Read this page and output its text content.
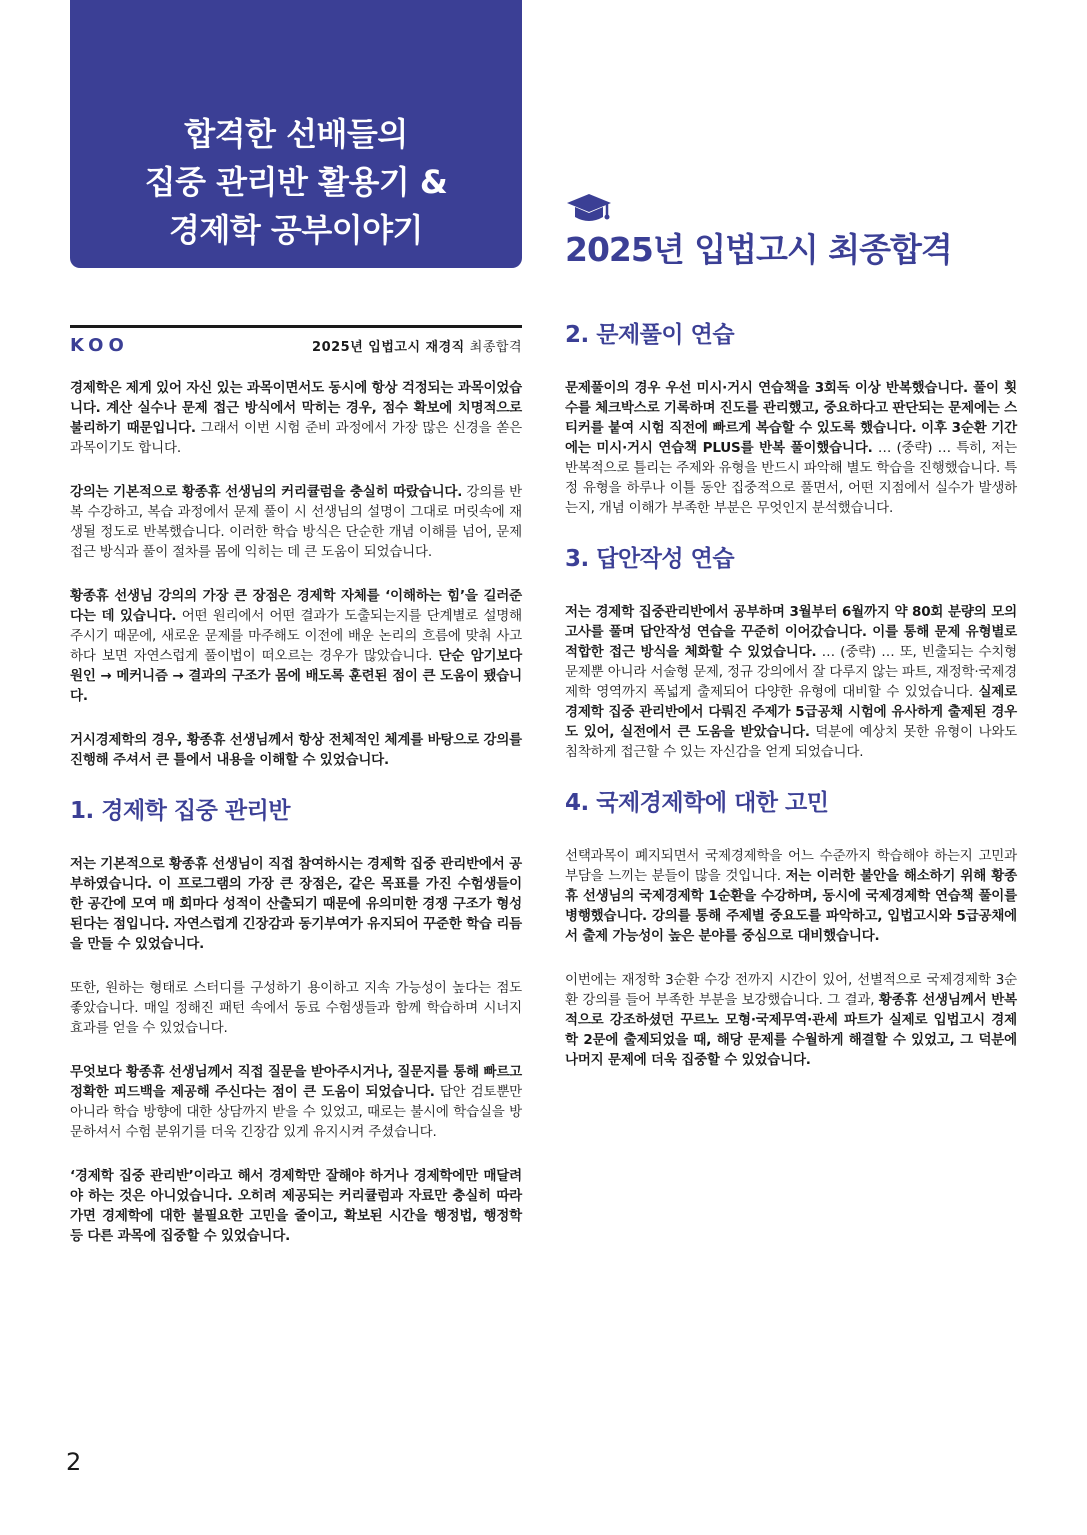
합격한 선배들의
집중 관리반 활용기 &
경제학 공부이야기	2025년 입법고시 최종합격
KOO	2025년 입법고시 재경직 최종합격

경제학은 제게 있어 자신 있는 과목이면서도 동시에 항상 걱정되는 과목이었습니다. 계산 실수나 문제 접근 방식에서 막히는 경우, 점수 확보에 치명적으로 불리하기 때문입니다. 그래서 이번 시험 준비 과정에서 가장 많은 신경을 쏟은 과목이기도 합니다.

강의는 기본적으로 황종휴 선생님의 커리큘럼을 충실히 따랐습니다. 강의를 반복 수강하고, 복습 과정에서 문제 풀이 시 선생님의 설명이 그대로 머릿속에 재생될 정도로 반복했습니다. 이러한 학습 방식은 단순한 개념 이해를 넘어, 문제 접근 방식과 풀이 절차를 몸에 익히는 데 큰 도움이 되었습니다.

황종휴 선생님 강의의 가장 큰 장점은 경제학 자체를 ‘이해하는 힘’을 길러준다는 데 있습니다. 어떤 원리에서 어떤 결과가 도출되는지를 단계별로 설명해 주시기 때문에, 새로운 문제를 마주해도 이전에 배운 논리의 흐름에 맞춰 사고하다 보면 자연스럽게 풀이법이 떠오르는 경우가 많았습니다. 단순 암기보다 원인 → 메커니즘 → 결과의 구조가 몸에 배도록 훈련된 점이 큰 도움이 됐습니다.

거시경제학의 경우, 황종휴 선생님께서 항상 전체적인 체계를 바탕으로 강의를 진행해 주셔서 큰 틀에서 내용을 이해할 수 있었습니다.

1. 경제학 집중 관리반

저는 기본적으로 황종휴 선생님이 직접 참여하시는 경제학 집중 관리반에서 공부하였습니다. 이 프로그램의 가장 큰 장점은, 같은 목표를 가진 수험생들이 한 공간에 모여 매 회마다 성적이 산출되기 때문에 유의미한 경쟁 구조가 형성된다는 점입니다. 자연스럽게 긴장감과 동기부여가 유지되어 꾸준한 학습 리듬을 만들 수 있었습니다.

또한, 원하는 형태로 스터디를 구성하기 용이하고 지속 가능성이 높다는 점도 좋았습니다. 매일 정해진 패턴 속에서 동료 수험생들과 함께 학습하며 시너지 효과를 얻을 수 있었습니다.

무엇보다 황종휴 선생님께서 직접 질문을 받아주시거나, 질문지를 통해 빠르고 정확한 피드백을 제공해 주신다는 점이 큰 도움이 되었습니다. 답안 검토뿐만 아니라 학습 방향에 대한 상담까지 받을 수 있었고, 때로는 불시에 학습실을 방문하셔서 수험 분위기를 더욱 긴장감 있게 유지시켜 주셨습니다.

‘경제학 집중 관리반’이라고 해서 경제학만 잘해야 하거나 경제학에만 매달려야 하는 것은 아니었습니다. 오히려 제공되는 커리큘럼과 자료만 충실히 따라가면 경제학에 대한 불필요한 고민을 줄이고, 확보된 시간을 행정법, 행정학 등 다른 과목에 집중할 수 있었습니다.

2. 문제풀이 연습

문제풀이의 경우 우선 미시·거시 연습책을 3회독 이상 반복했습니다. 풀이 횟수를 체크박스로 기록하며 진도를 관리했고, 중요하다고 판단되는 문제에는 스티커를 붙여 시험 직전에 빠르게 복습할 수 있도록 했습니다. 이후 3순환 기간에는 미시·거시 연습책 PLUS를 반복 풀이했습니다. … (중략) … 특히, 저는 반복적으로 틀리는 주제와 유형을 반드시 파악해 별도 학습을 진행했습니다. 특정 유형을 하루나 이틀 동안 집중적으로 풀면서, 어떤 지점에서 실수가 발생하는지, 개념 이해가 부족한 부분은 무엇인지 분석했습니다.

3. 답안작성 연습

저는 경제학 집중관리반에서 공부하며 3월부터 6월까지 약 80회 분량의 모의고사를 풀며 답안작성 연습을 꾸준히 이어갔습니다. 이를 통해 문제 유형별로 적합한 접근 방식을 체화할 수 있었습니다. … (중략) … 또, 빈출되는 수치형 문제뿐 아니라 서술형 문제, 정규 강의에서 잘 다루지 않는 파트, 재정학·국제경제학 영역까지 폭넓게 출제되어 다양한 유형에 대비할 수 있었습니다. 실제로 경제학 집중 관리반에서 다뤄진 주제가 5급공채 시험에 유사하게 출제된 경우도 있어, 실전에서 큰 도움을 받았습니다. 덕분에 예상치 못한 유형이 나와도 침착하게 접근할 수 있는 자신감을 얻게 되었습니다.

4. 국제경제학에 대한 고민

선택과목이 폐지되면서 국제경제학을 어느 수준까지 학습해야 하는지 고민과 부담을 느끼는 분들이 많을 것입니다. 저는 이러한 불안을 해소하기 위해 황종휴 선생님의 국제경제학 1순환을 수강하며, 동시에 국제경제학 연습책 풀이를 병행했습니다. 강의를 통해 주제별 중요도를 파악하고, 입법고시와 5급공채에서 출제 가능성이 높은 분야를 중심으로 대비했습니다.

이번에는 재정학 3순환 수강 전까지 시간이 있어, 선별적으로 국제경제학 3순환 강의를 들어 부족한 부분을 보강했습니다. 그 결과, 황종휴 선생님께서 반복적으로 강조하셨던 꾸르노 모형·국제무역·관세 파트가 실제로 입법고시 경제학 2문에 출제되었을 때, 해당 문제를 수월하게 해결할 수 있었고, 그 덕분에 나머지 문제에 더욱 집중할 수 있었습니다.

2
